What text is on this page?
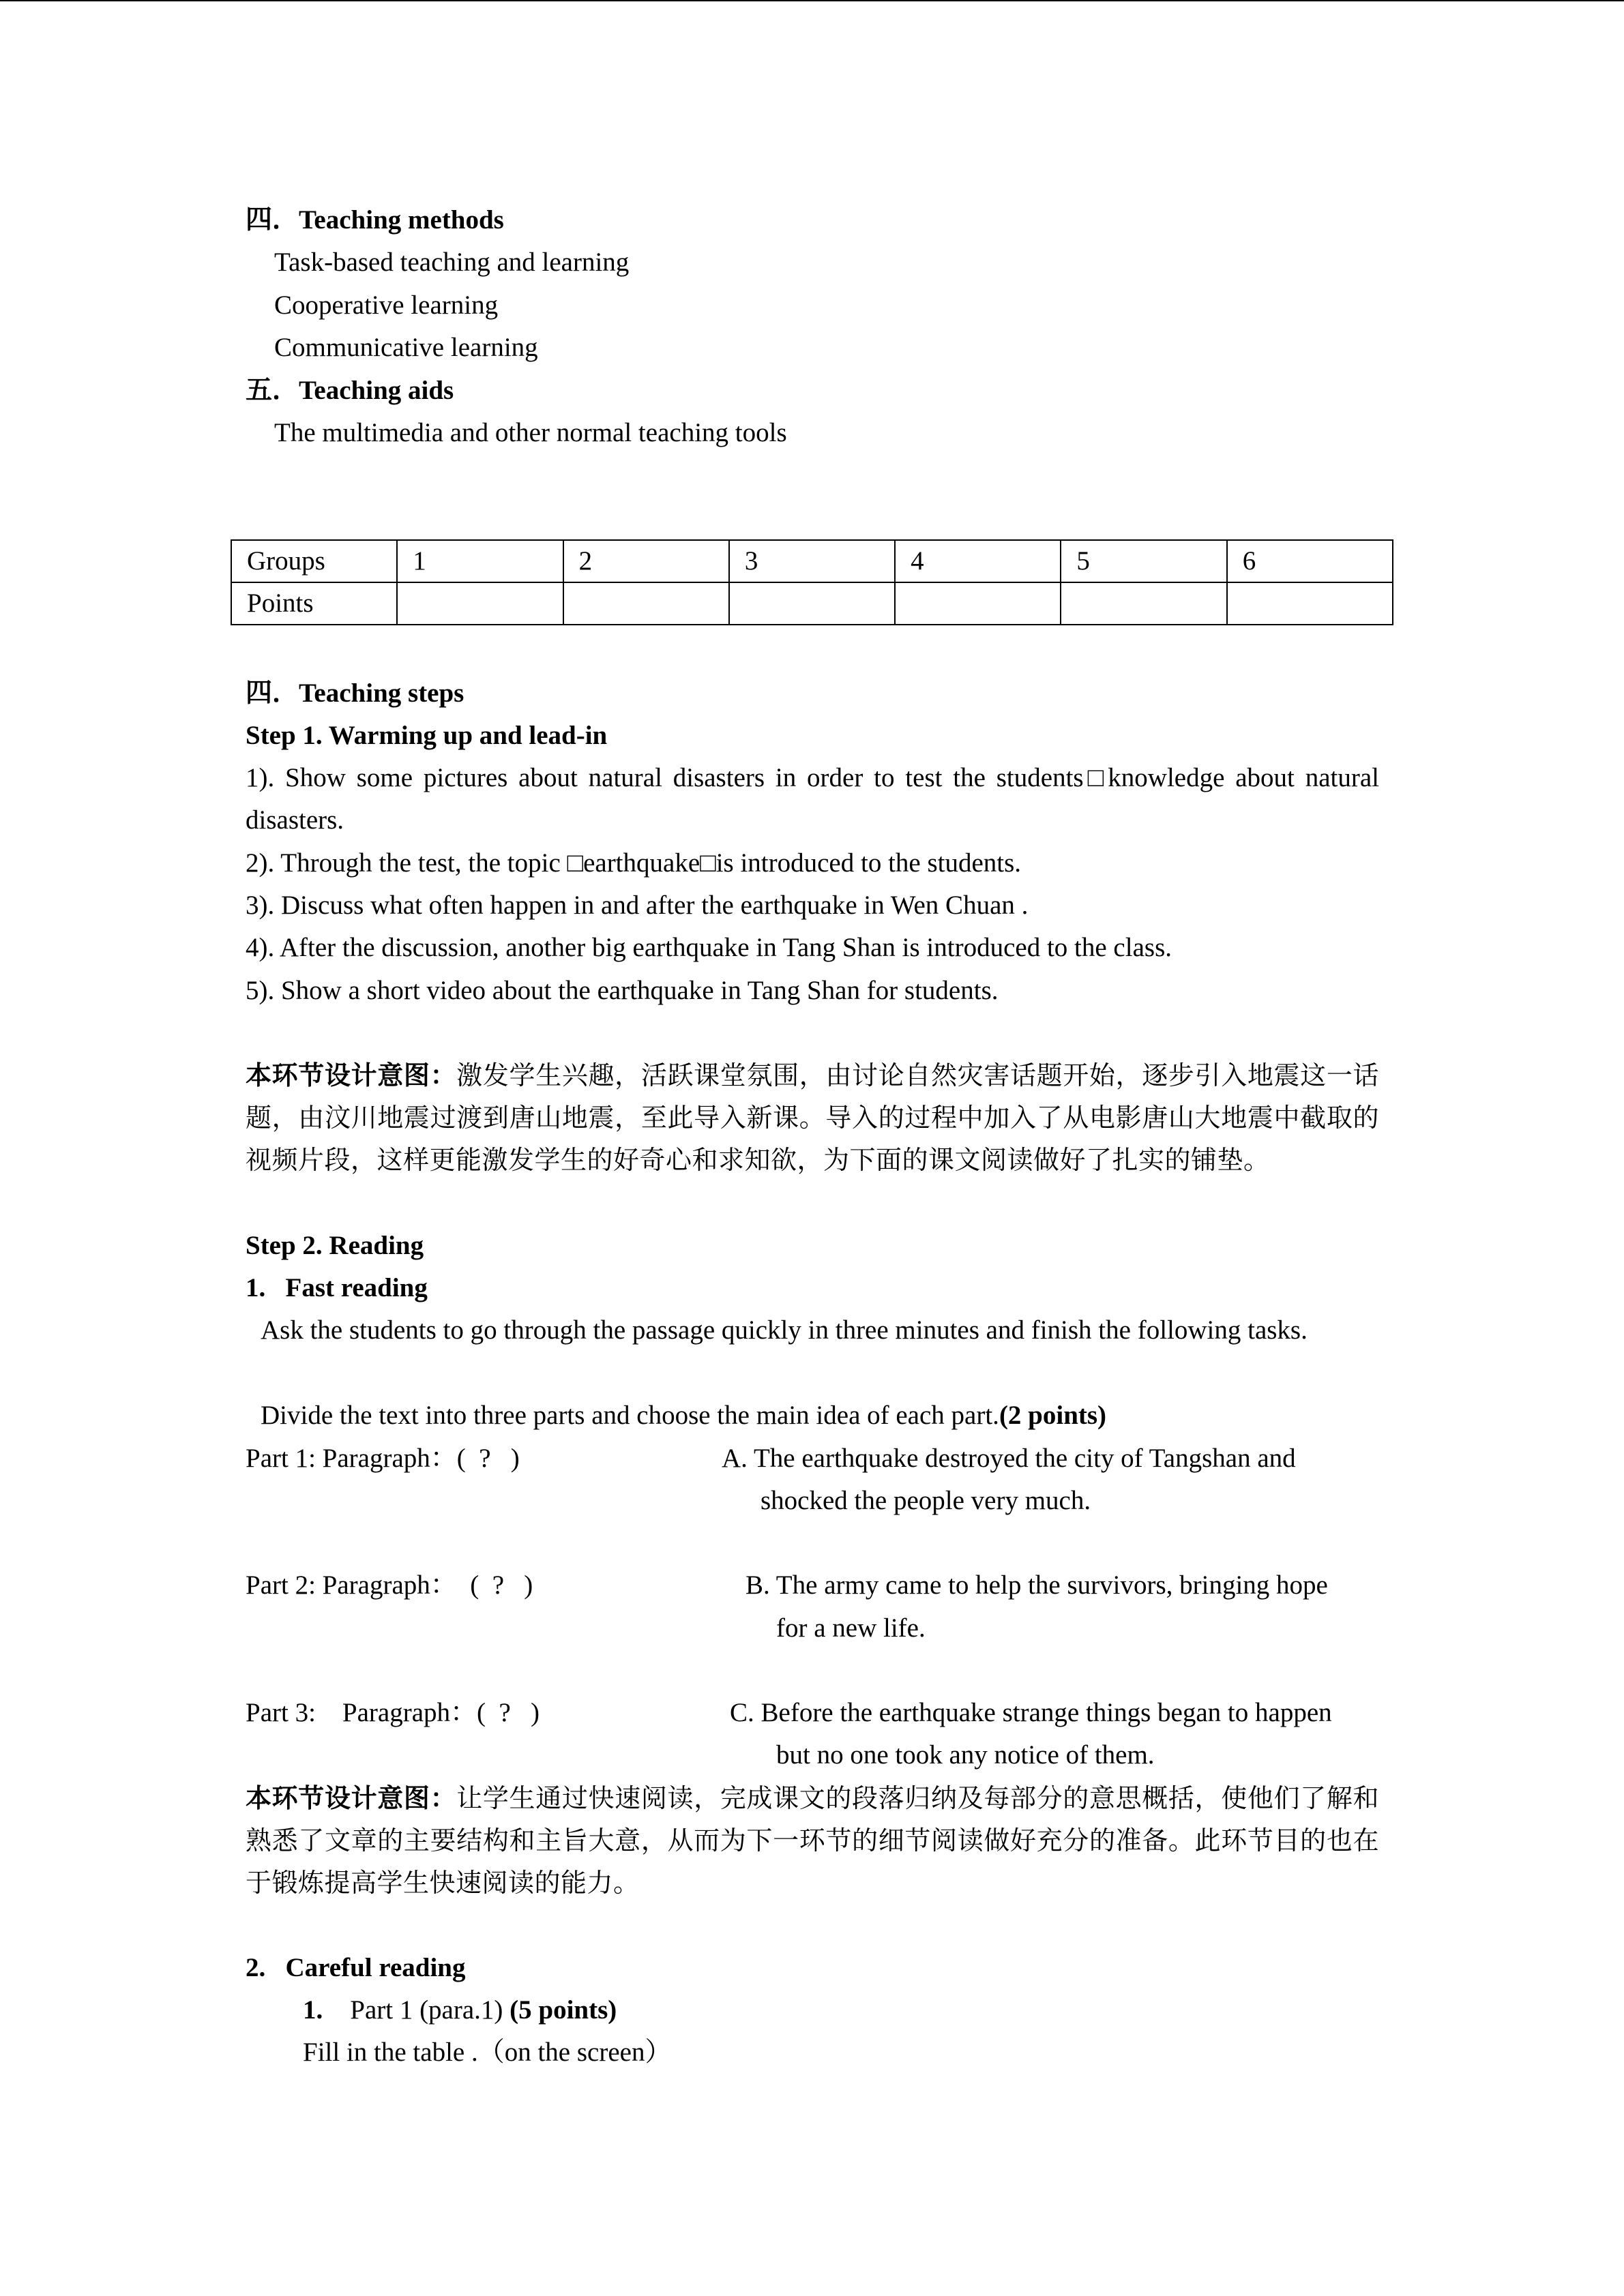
四．Teaching methods
Task-based teaching and learning
Cooperative learning
Communicative learning
五．Teaching aids
The multimedia and other normal teaching tools
Groups	1	2	3	4	5	6
Points						
四．Teaching steps
Step 1. Warming up and lead-in
1). Show some pictures about natural disasters in order to test the students□knowledge about natural disasters.
2). Through the test, the topic □earthquake□is introduced to the students.
3). Discuss what often happen in and after the earthquake in Wen Chuan .
4). After the discussion, another big earthquake in Tang Shan is introduced to the class.
5). Show a short video about the earthquake in Tang Shan for students.
本环节设计意图：激发学生兴趣，活跃课堂氛围，由讨论自然灾害话题开始，逐步引入地震这一话题，由汶川地震过渡到唐山地震，至此导入新课。导入的过程中加入了从电影唐山大地震中截取的视频片段，这样更能激发学生的好奇心和求知欲，为下面的课文阅读做好了扎实的铺垫。
Step 2. Reading
1.   Fast reading
Ask the students to go through the passage quickly in three minutes and finish the following tasks.
Divide the text into three parts and choose the main idea of each part.(2 points)
Part 1: Paragraph：(  ?   )	A. The earthquake destroyed the city of Tangshan and
shocked the people very much.
Part 2: Paragraph：  (  ?   )	B. The army came to help the survivors, bringing hope
for a new life.
Part 3:    Paragraph：(  ?   )	C. Before the earthquake strange things began to happen
but no one took any notice of them.
本环节设计意图：让学生通过快速阅读，完成课文的段落归纳及每部分的意思概括，使他们了解和熟悉了文章的主要结构和主旨大意，从而为下一环节的细节阅读做好充分的准备。此环节目的也在于锻炼提高学生快速阅读的能力。
2.   Careful reading
1. Part 1 (para.1) (5 points)
Fill in the table .（on the screen）
